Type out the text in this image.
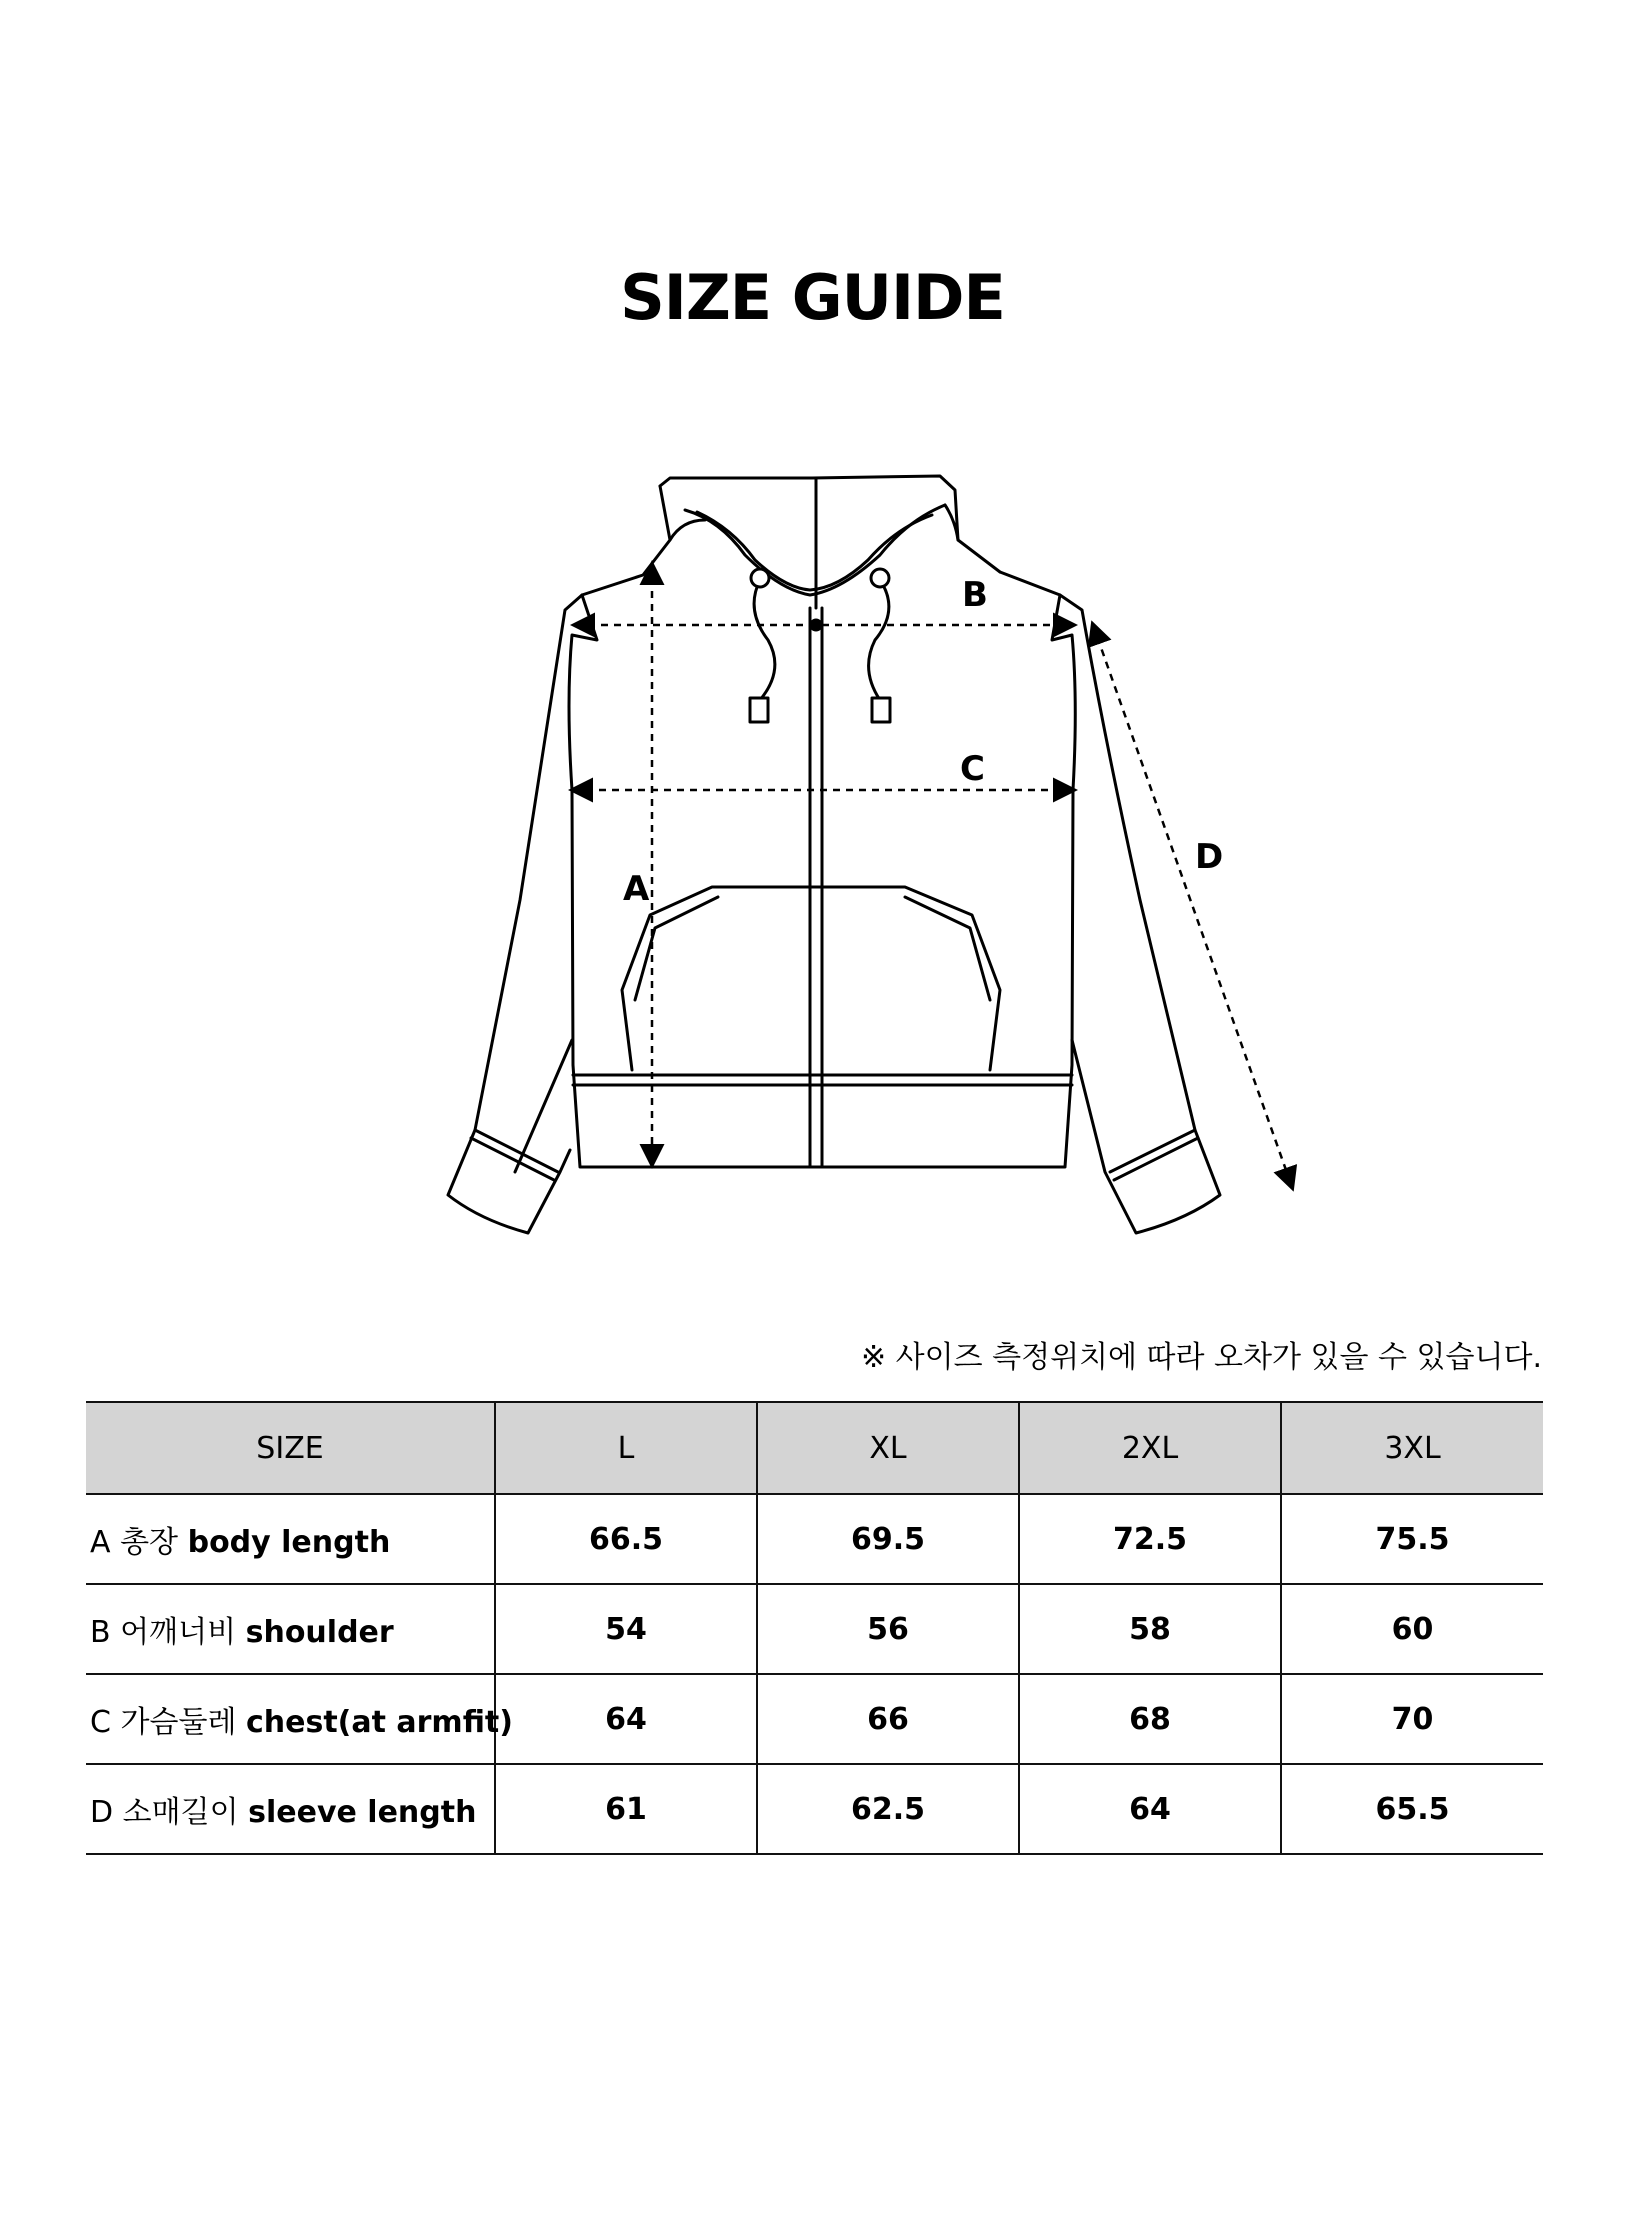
SIZE GUIDE
A
B
C
D
※ 사이즈 측정위치에 따라 오차가 있을 수 있습니다.
SIZE	L	XL	2XL	3XL
A 총장 body length	66.5	69.5	72.5	75.5
B 어깨너비 shoulder	54	56	58	60
C 가슴둘레 chest(at armfit)	64	66	68	70
D 소매길이 sleeve length	61	62.5	64	65.5
